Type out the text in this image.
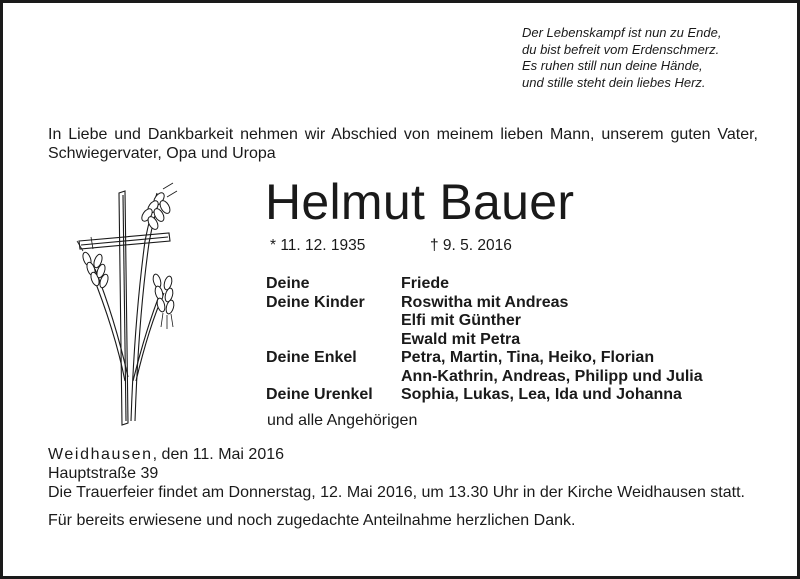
Der Lebenskampf ist nun zu Ende,
du bist befreit vom Erdenschmerz.
Es ruhen still nun deine Hände,
und stille steht dein liebes Herz.
In Liebe und Dankbarkeit nehmen wir Abschied von meinem lieben Mann, unserem guten Vater, Schwiegervater, Opa und Uropa
Helmut Bauer
* 11. 12. 1935	† 9. 5. 2016
Deine	Friede
Deine Kinder	Roswitha mit Andreas
	Elfi mit Günther
	Ewald mit Petra
Deine Enkel	Petra, Martin, Tina, Heiko, Florian
	Ann-Kathrin, Andreas, Philipp und Julia
Deine Urenkel	Sophia, Lukas, Lea, Ida und Johanna
und alle Angehörigen
Weidhausen, den 11. Mai 2016
Hauptstraße 39
Die Trauerfeier findet am Donnerstag, 12. Mai 2016, um 13.30 Uhr in der Kirche Weidhausen statt.
Für bereits erwiesene und noch zugedachte Anteilnahme herzlichen Dank.
